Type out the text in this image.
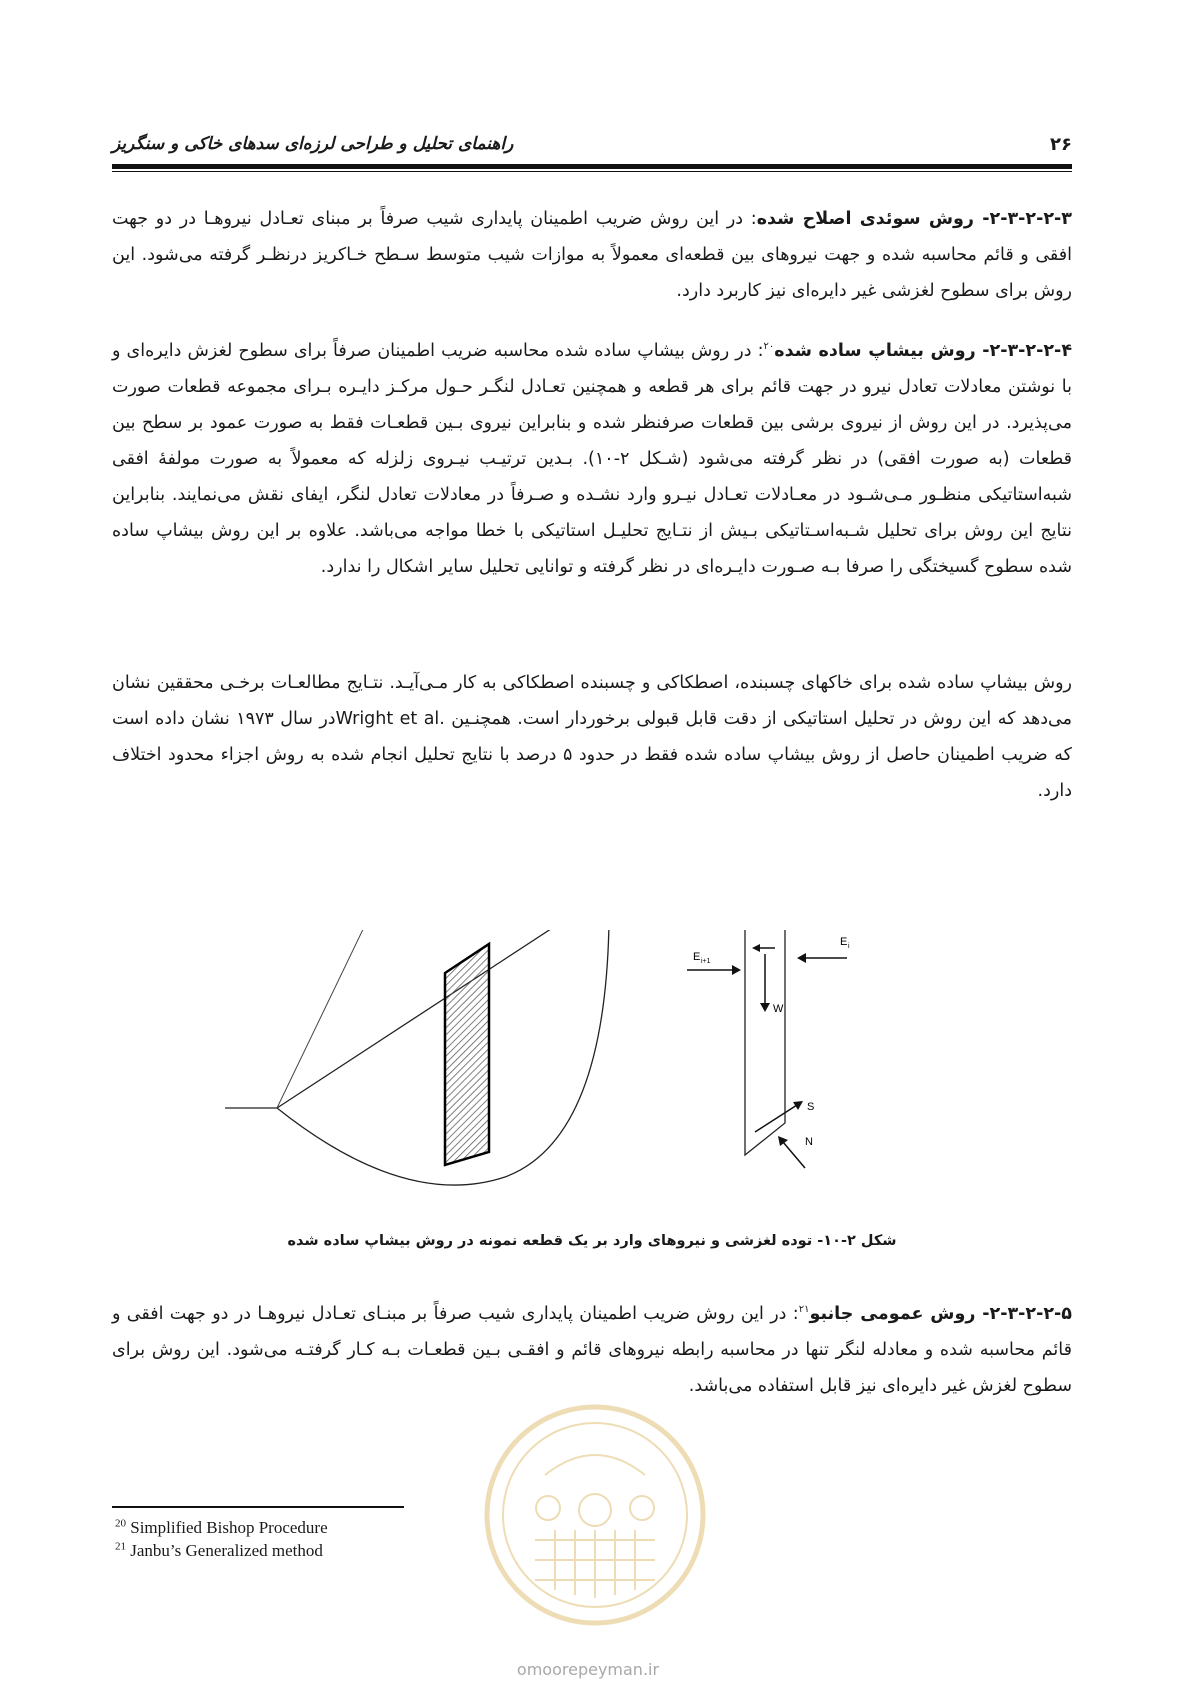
۲۶
راهنمای تحلیل و طراحی لرزه‌ای سدهای خاکی و سنگریز

۲-۳-۲-۲-۳- روش سوئدی اصلاح شده: در این روش ضریب اطمینان پایداری شیب صرفاً بر مبنای تعـادل نیروهـا در دو جهت افقی و قائم محاسبه شده و جهت نیروهای بین قطعه‌ای معمولاً به موازات شیب متوسط سـطح خـاکریز درنظـر گرفته می‌شود. این روش برای سطوح لغزشی غیر دایره‌ای نیز کاربرد دارد.

۲-۳-۲-۲-۴- روش بیشاپ ساده شده$^{۲۰}$: در روش بیشاپ ساده شده محاسبه ضریب اطمینان صرفاً برای سطوح لغزش دایره‌ای و با نوشتن معادلات تعادل نیرو در جهت قائم برای هر قطعه و همچنین تعـادل لنگـر حـول مرکـز دایـره بـرای مجموعه قطعات صورت می‌پذیرد. در این روش از نیروی برشی بین قطعات صرفنظر شده و بنابراین نیروی بـین قطعـات فقط به صورت عمود بر سطح بین قطعات (به صورت افقی) در نظر گرفته می‌شود (شـکل ۲-۱۰). بـدین ترتیـب نیـروی زلزله که معمولاً به صورت مولفهٔ افقی شبه‌استاتیکی منظـور مـی‌شـود در معـادلات تعـادل نیـرو وارد نشـده و صـرفاً در معادلات تعادل لنگر، ایفای نقش می‌نمایند. بنابراین نتایج این روش برای تحلیل شـبه‌اسـتاتیکی بـیش از نتـایج تحلیـل استاتیکی با خطا مواجه می‌باشد. علاوه بر این روش بیشاپ ساده شده سطوح گسیختگی را صرفا بـه صـورت دایـره‌ای در نظر گرفته و توانایی تحلیل سایر اشکال را ندارد.

روش بیشاپ ساده شده برای خاکهای چسبنده، اصطکاکی و چسبنده اصطکاکی به کار مـی‌آیـد. نتـایج مطالعـات برخـی محققین نشان می‌دهد که این روش در تحلیل استاتیکی از دقت قابل قبولی برخوردار است. همچنـین Wright et al.در سال ۱۹۷۳ نشان داده است که ضریب اطمینان حاصل از روش بیشاپ ساده شده فقط در حدود ۵ درصد با نتایج تحلیل انجام شده به روش اجزاء محدود اختلاف دارد.

E i+1
E i
W
S
N
شکل ۲-۱۰- توده لغزشی و نیروهای وارد بر یک قطعه نمونه در روش بیشاپ ساده شده

۲-۳-۲-۲-۵- روش عمومی جانبو$^{۲۱}$: در این روش ضریب اطمینان پایداری شیب صرفاً بر مبنـای تعـادل نیروهـا در دو جهت افقی و قائم محاسبه شده و معادله لنگر تنها در محاسبه رابطه نیروهای قائم و افقـی بـین قطعـات بـه کـار گرفتـه می‌شود. این روش برای سطوح لغزش غیر دایره‌ای نیز قابل استفاده می‌باشد.

$^{20}$ Simplified Bishop Procedure
$^{21}$ Janbu’s Generalized method
omoorepeyman.ir
